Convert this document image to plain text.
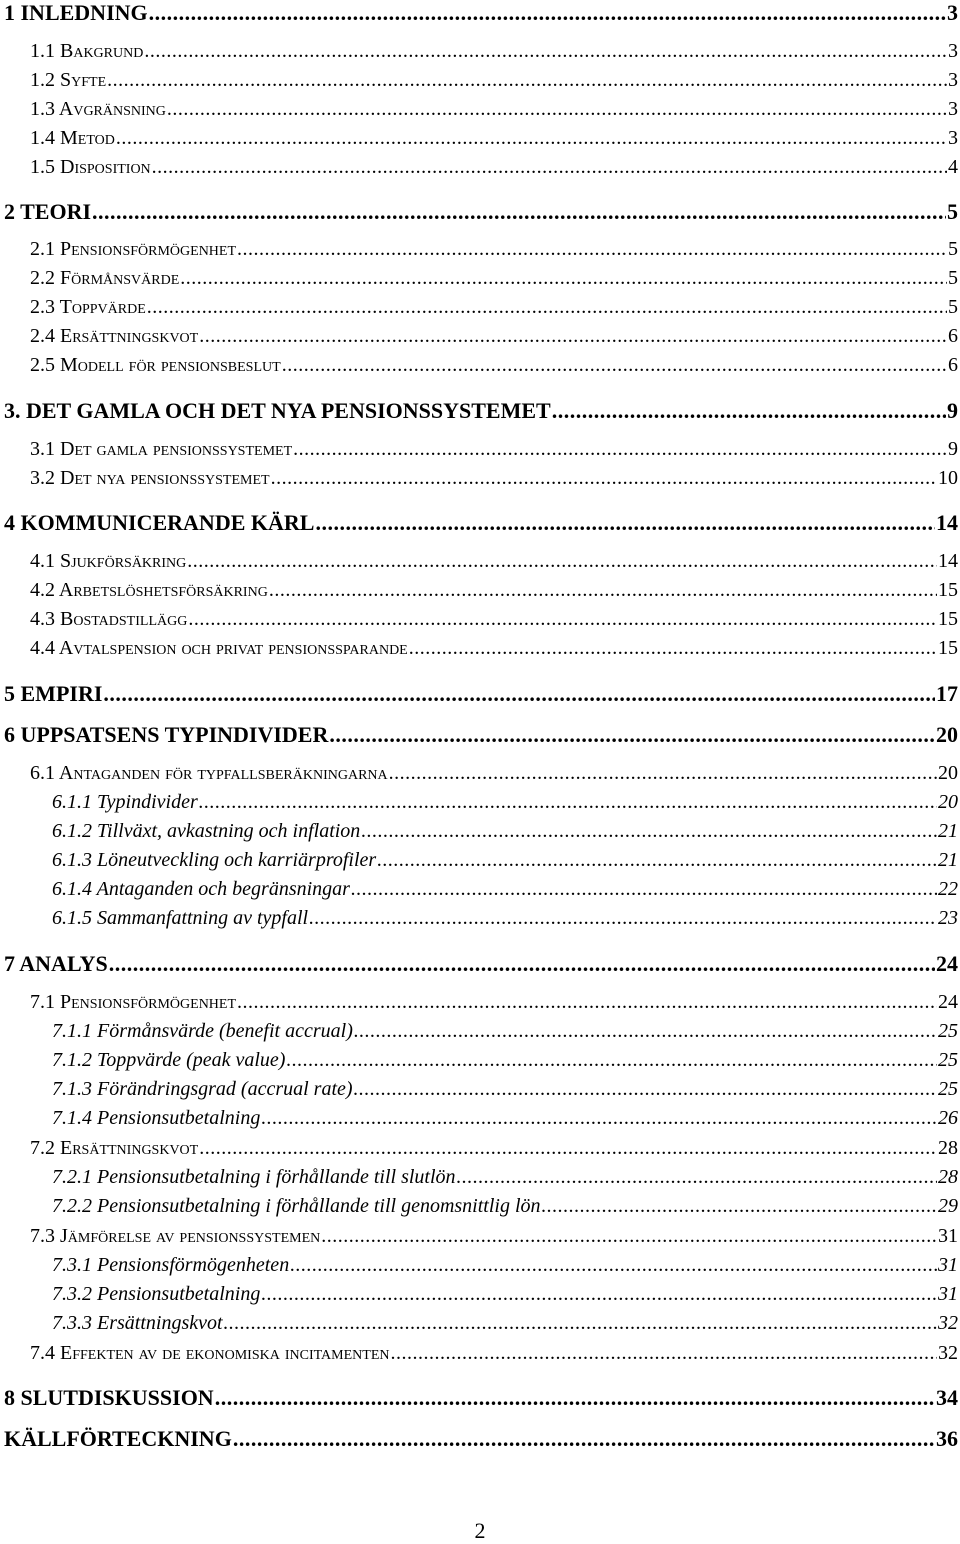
1 INLEDNING .....	3
1.1 Bakgrund .....	3
1.2 Syfte .....	3
1.3 Avgränsning .....	3
1.4 Metod .....	3
1.5 Disposition .....	4
2 TEORI .....	5
2.1 Pensionsförmögenhet .....	5
2.2 Förmånsvärde .....	5
2.3 Toppvärde .....	5
2.4 Ersättningskvot .....	6
2.5 Modell för pensionsbeslut .....	6
3. DET GAMLA OCH DET NYA PENSIONSSYSTEMET .....	9
3.1 Det gamla pensionssystemet .....	9
3.2 Det nya pensionssystemet .....	10
4 KOMMUNICERANDE KÄRL .....	14
4.1 Sjukförsäkring .....	14
4.2 Arbetslöshetsförsäkring .....	15
4.3 Bostadstillägg .....	15
4.4 Avtalspension och privat pensionssparande .....	15
5 EMPIRI .....	17
6 UPPSATSENS TYPINDIVIDER .....	20
6.1 Antaganden för typfallsberäkningarna .....	20
6.1.1 Typindivider .....	20
6.1.2 Tillväxt, avkastning och inflation .....	21
6.1.3 Löneutveckling och karriärprofiler .....	21
6.1.4 Antaganden och begränsningar .....	22
6.1.5 Sammanfattning av typfall .....	23
7 ANALYS .....	24
7.1 Pensionsförmögenhet .....	24
7.1.1 Förmånsvärde (benefit accrual) .....	25
7.1.2 Toppvärde (peak value) .....	25
7.1.3 Förändringsgrad (accrual rate) .....	25
7.1.4 Pensionsutbetalning .....	26
7.2 Ersättningskvot .....	28
7.2.1 Pensionsutbetalning i förhållande till slutlön .....	28
7.2.2 Pensionsutbetalning i förhållande till genomsnittlig lön .....	29
7.3 Jämförelse av pensionssystemen .....	31
7.3.1 Pensionsförmögenheten .....	31
7.3.2 Pensionsutbetalning .....	31
7.3.3 Ersättningskvot .....	32
7.4 Effekten av de ekonomiska incitamenten .....	32
8 SLUTDISKUSSION .....	34
KÄLLFÖRTECKNING .....	36
2
